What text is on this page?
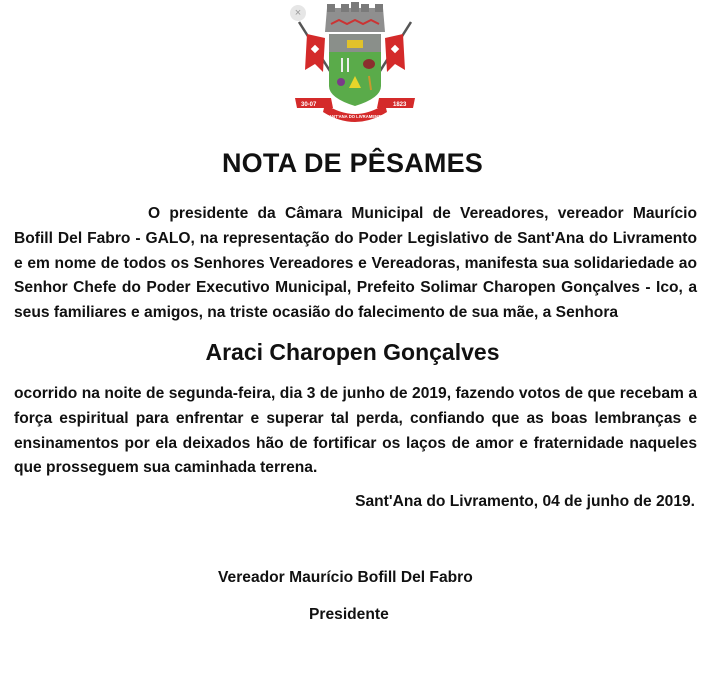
30-07	1823
SANT'ANA DO LIVRAMENTO
×
NOTA DE PÊSAMES
O presidente da Câmara Municipal de Vereadores, vereador Maurício Bofill Del Fabro - GALO, na representação do Poder Legislativo de Sant'Ana do Livramento e em nome de todos os Senhores Vereadores e Vereadoras, manifesta sua solidariedade ao Senhor Chefe do Poder Executivo Municipal, Prefeito Solimar Charopen Gonçalves - Ico, a seus familiares e amigos, na triste ocasião do falecimento de sua mãe, a Senhora
Araci Charopen Gonçalves
ocorrido na noite de segunda-feira, dia 3 de junho de 2019, fazendo votos de que recebam a força espiritual para enfrentar e superar tal perda, confiando que as boas lembranças e ensinamentos por ela deixados hão de fortificar os laços de amor e fraternidade naqueles que prosseguem sua caminhada terrena.
Sant'Ana do Livramento, 04 de junho de 2019.
Vereador Maurício Bofill Del Fabro
Presidente
